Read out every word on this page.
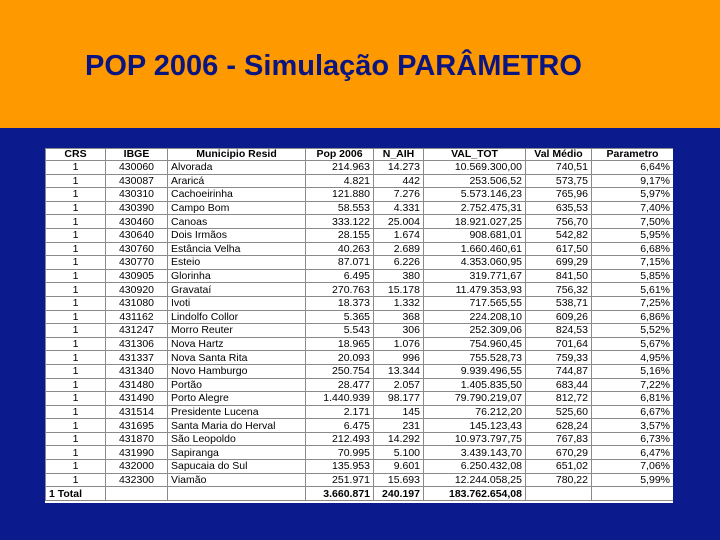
POP 2006 - Simulação PARÂMETRO
CRS	IBGE	Municipio Resid	Pop 2006	N_AIH	VAL_TOT	Val Médio	Parametro
1	430060	Alvorada	214.963	14.273	10.569.300,00	740,51	6,64%
1	430087	Araricá	4.821	442	253.506,52	573,75	9,17%
1	430310	Cachoeirinha	121.880	7.276	5.573.146,23	765,96	5,97%
1	430390	Campo Bom	58.553	4.331	2.752.475,31	635,53	7,40%
1	430460	Canoas	333.122	25.004	18.921.027,25	756,70	7,50%
1	430640	Dois Irmãos	28.155	1.674	908.681,01	542,82	5,95%
1	430760	Estância Velha	40.263	2.689	1.660.460,61	617,50	6,68%
1	430770	Esteio	87.071	6.226	4.353.060,95	699,29	7,15%
1	430905	Glorinha	6.495	380	319.771,67	841,50	5,85%
1	430920	Gravataí	270.763	15.178	11.479.353,93	756,32	5,61%
1	431080	Ivoti	18.373	1.332	717.565,55	538,71	7,25%
1	431162	Lindolfo Collor	5.365	368	224.208,10	609,26	6,86%
1	431247	Morro Reuter	5.543	306	252.309,06	824,53	5,52%
1	431306	Nova Hartz	18.965	1.076	754.960,45	701,64	5,67%
1	431337	Nova Santa Rita	20.093	996	755.528,73	759,33	4,95%
1	431340	Novo Hamburgo	250.754	13.344	9.939.496,55	744,87	5,16%
1	431480	Portão	28.477	2.057	1.405.835,50	683,44	7,22%
1	431490	Porto Alegre	1.440.939	98.177	79.790.219,07	812,72	6,81%
1	431514	Presidente Lucena	2.171	145	76.212,20	525,60	6,67%
1	431695	Santa Maria do Herval	6.475	231	145.123,43	628,24	3,57%
1	431870	São Leopoldo	212.493	14.292	10.973.797,75	767,83	6,73%
1	431990	Sapiranga	70.995	5.100	3.439.143,70	670,29	6,47%
1	432000	Sapucaia do Sul	135.953	9.601	6.250.432,08	651,02	7,06%
1	432300	Viamão	251.971	15.693	12.244.058,25	780,22	5,99%
1 Total			3.660.871	240.197	183.762.654,08		
